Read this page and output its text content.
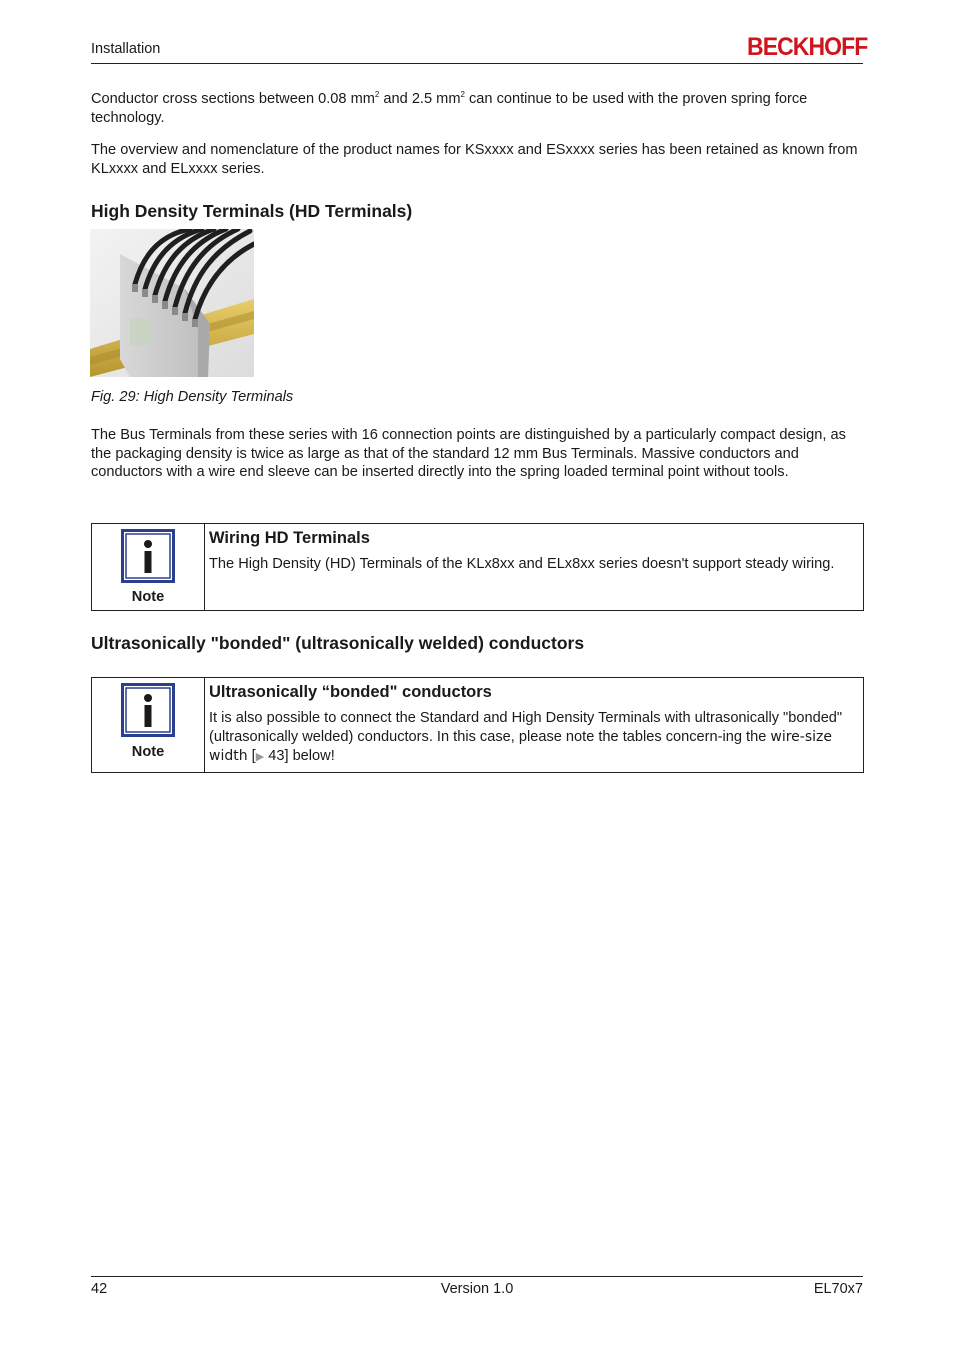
Installation	BECKHOFF

Conductor cross sections between 0.08 $mm^2$ and 2.5 $mm^2$ can continue to be used with the proven spring force technology.

The overview and nomenclature of the product names for KSxxxx and ESxxxx series has been retained as known from KLxxxx and ELxxxx series.

High Density Terminals (HD Terminals)
Fig. 29: High Density Terminals

The Bus Terminals from these series with 16 connection points are distinguished by a particularly compact design, as the packaging density is twice as large as that of the standard 12 mm Bus Terminals. Massive conductors and conductors with a wire end sleeve can be inserted directly into the spring loaded terminal point without tools.

Note
Wiring HD Terminals

The High Density (HD) Terminals of the KLx8xx and ELx8xx series doesn't support steady wiring.

Ultrasonically "bonded" (ultrasonically welded) conductors
Note
Ultrasonically “bonded" conductors

It is also possible to connect the Standard and High Density Terminals with ultrasonically "bonded" (ultrasonically welded) conductors. In this case, please note the tables concern-ing the wire-size width [▶ 43] below!

42	Version 1.0	EL70x7
